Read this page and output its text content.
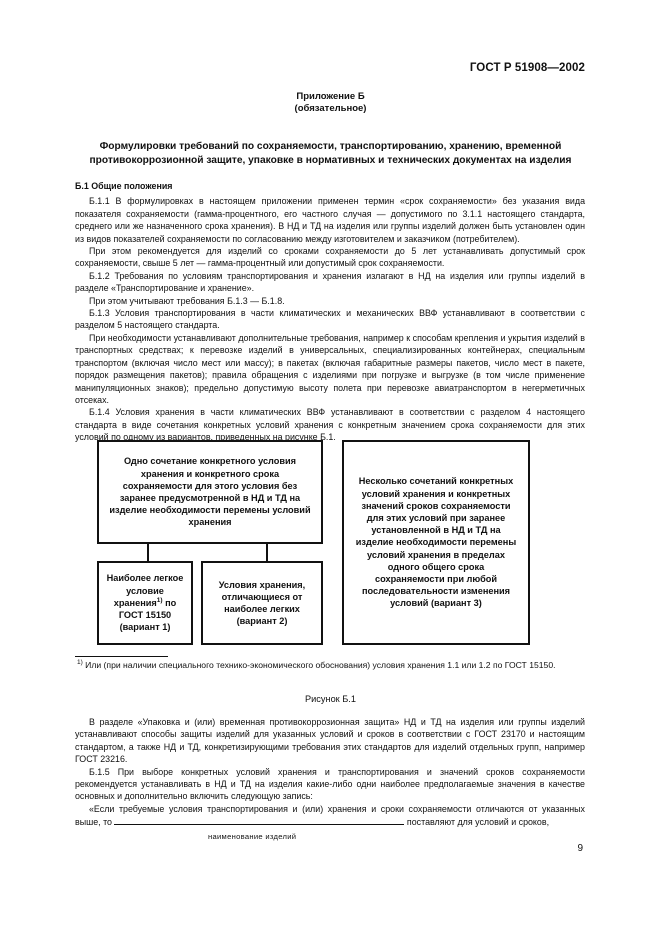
ГОСТ Р 51908—2002
Приложение Б
(обязательное)
Формулировки требований по сохраняемости, транспортированию, хранению, временной противокоррозионной защите, упаковке в нормативных и технических документах на изделия

Б.1 Общие положения

Б.1.1 В формулировках в настоящем приложении применен термин «срок сохраняемости» без указания вида показателя сохраняемости (гамма-процентного, его частного случая — допустимого по 3.1.1 настоящего стандарта, среднего или же назначенного срока хранения). В НД и ТД на изделия или группы изделий должен быть установлен один из видов показателей сохраняемости по согласованию между изготовителем и заказчиком (потребителем).

При этом рекомендуется для изделий со сроками сохраняемости до 5 лет устанавливать допустимый срок сохраняемости, свыше 5 лет — гамма-процентный или допустимый срок сохраняемости.

Б.1.2 Требования по условиям транспортирования и хранения излагают в НД на изделия или группы изделий в разделе «Транспортирование и хранение».

При этом учитывают требования Б.1.3 — Б.1.8.

Б.1.3 Условия транспортирования в части климатических и механических ВВФ устанавливают в соответствии с разделом 5 настоящего стандарта.

При необходимости устанавливают дополнительные требования, например к способам крепления и укрытия изделий в транспортных средствах; к перевозке изделий в универсальных, специализированных контейнерах, специальным транспортом (включая число мест или массу); в пакетах (включая габаритные размеры пакетов, число мест в пакете, порядок размещения пакетов); правила обращения с изделиями при погрузке и выгрузке (в том числе применение манипуляционных знаков); предельно допустимую высоту полета при перевозке авиатранспортом в негерметичных отсеках.

Б.1.4 Условия хранения в части климатических ВВФ устанавливают в соответствии с разделом 4 настоящего стандарта в виде сочетания конкретных условий хранения с конкретным значением срока сохраняемости для этих условий по одному из вариантов, приведенных на рисунке Б.1.

Одно сочетание конкретного условия хранения и конкретного срока сохраняемости для этого условия без заранее предусмотренной в НД и ТД на изделие необходимости перемены условий хранения
Наиболее легкое условие хранения$^{1)}$ по ГОСТ 15150 (вариант 1)
Условия хранения, отличающиеся от наиболее легких (вариант 2)
Несколько сочетаний конкретных условий хранения и конкретных значений сроков сохраняемости для этих условий при заранее установленной в НД и ТД на изделие необходимости перемены условий хранения в пределах одного общего срока сохраняемости при любой последовательности изменения условий (вариант 3)
$^{1)}$ Или (при наличии специального технико-экономического обоснования) условия хранения 1.1 или 1.2 по ГОСТ 15150.
Рисунок Б.1

В разделе «Упаковка и (или) временная противокоррозионная защита» НД и ТД на изделия или группы изделий устанавливают способы защиты изделий для указанных условий и сроков в соответствии с ГОСТ 23170 и настоящим стандартом, а также НД и ТД, конкретизирующими требования этих стандартов для изделий отдельных групп, например ГОСТ 23216.

Б.1.5 При выборе конкретных условий хранения и транспортирования и значений сроков сохраняемости рекомендуется устанавливать в НД и ТД на изделия какие-либо одни наиболее предполагаемые значения в качестве основных и дополнительно включить следующую запись:

«Если требуемые условия транспортирования и (или) хранения и сроки сохраняемости отличаются от указанных выше, то	поставляют для условий и сроков,

наименование изделий
9
